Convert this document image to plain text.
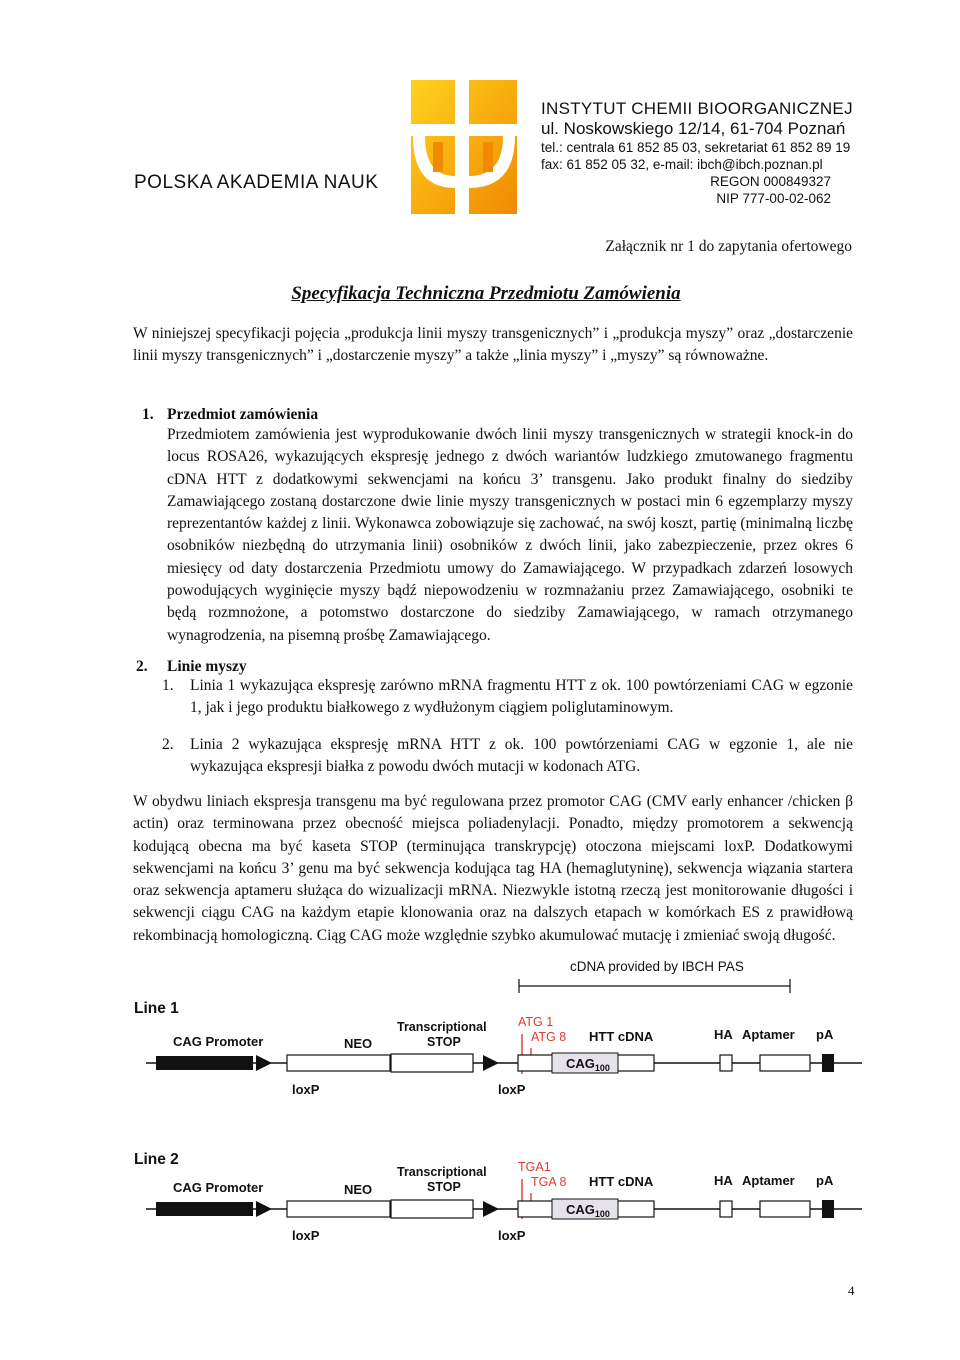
POLSKA AKADEMIA NAUK
INSTYTUT CHEMII BIOORGANICZNEJ
ul. Noskowskiego 12/14, 61-704 Poznań
tel.: centrala 61 852 85 03, sekretariat 61 852 89 19
fax: 61 852 05 32, e-mail: ibch@ibch.poznan.pl
REGON 000849327
NIP 777-00-02-062
Załącznik nr 1 do zapytania ofertowego
Specyfikacja Techniczna Przedmiotu Zamówienia
W niniejszej specyfikacji pojęcia „produkcja linii myszy transgenicznych” i „produkcja myszy” oraz „dostarczenie linii myszy transgenicznych” i „dostarczenie myszy” a także „linia myszy” i „myszy” są równoważne.
1. Przedmiot zamówienia
Przedmiotem zamówienia jest wyprodukowanie dwóch linii myszy transgenicznych w strategii knock-in do locus ROSA26, wykazujących ekspresję jednego z dwóch wariantów ludzkiego zmutowanego fragmentu cDNA HTT z dodatkowymi sekwencjami na końcu 3’ transgenu. Jako produkt finalny do siedziby Zamawiającego zostaną dostarczone dwie linie myszy transgenicznych w postaci min 6 egzemplarzy myszy reprezentantów każdej z linii. Wykonawca zobowiązuje się zachować, na swój koszt, partię (minimalną liczbę osobników niezbędną do utrzymania linii) osobników z dwóch linii, jako zabezpieczenie, przez okres 6 miesięcy od daty dostarczenia Przedmiotu umowy do Zamawiającego. W przypadkach zdarzeń losowych powodujących wyginięcie myszy bądź niepowodzeniu w rozmnażaniu przez Zamawiającego, osobniki te będą rozmnożone, a potomstwo dostarczone do siedziby Zamawiającego, w ramach otrzymanego wynagrodzenia, na pisemną prośbę Zamawiającego.
2. Linie myszy
1. Linia 1 wykazująca ekspresję zarówno mRNA fragmentu HTT z ok. 100 powtórzeniami CAG w egzonie 1, jak i jego produktu białkowego z wydłużonym ciągiem poliglutaminowym.
2. Linia 2 wykazująca ekspresję mRNA HTT z ok. 100 powtórzeniami CAG w egzonie 1, ale nie wykazująca ekspresji białka z powodu dwóch mutacji w kodonach ATG.
W obydwu liniach ekspresja transgenu ma być regulowana przez promotor CAG (CMV early enhancer /chicken β actin) oraz terminowana przez obecność miejsca poliadenylacji. Ponadto, między promotorem a sekwencją kodującą obecna ma być kaseta STOP (terminująca transkrypcję) otoczona miejscami loxP. Dodatkowymi sekwencjami na końcu 3’ genu ma być sekwencja kodująca tag HA (hemaglutyninę), sekwencja wiązania startera oraz sekwencja aptameru służąca do wizualizacji mRNA. Niezwykle istotną rzeczą jest monitorowanie długości i sekwencji ciągu CAG na każdym etapie klonowania oraz na dalszych etapach w komórkach ES z prawidłową rekombinacją homologiczną. Ciąg CAG może względnie szybko akumulować mutację i zmieniać swoją długość.
cDNA provided by IBCH PAS
Line 1
CAG Promoter	NEO
Transcriptional
STOP
ATG 1
ATG 8 HTT cDNA	HA Aptamer pA
$CAG_{100}$
loxP	loxP
Line 2
CAG Promoter	NEO
Transcriptional
STOP
TGA1
TGA 8 HTT cDNA	HA Aptamer pA
$CAG_{100}$
loxP	loxP
4
